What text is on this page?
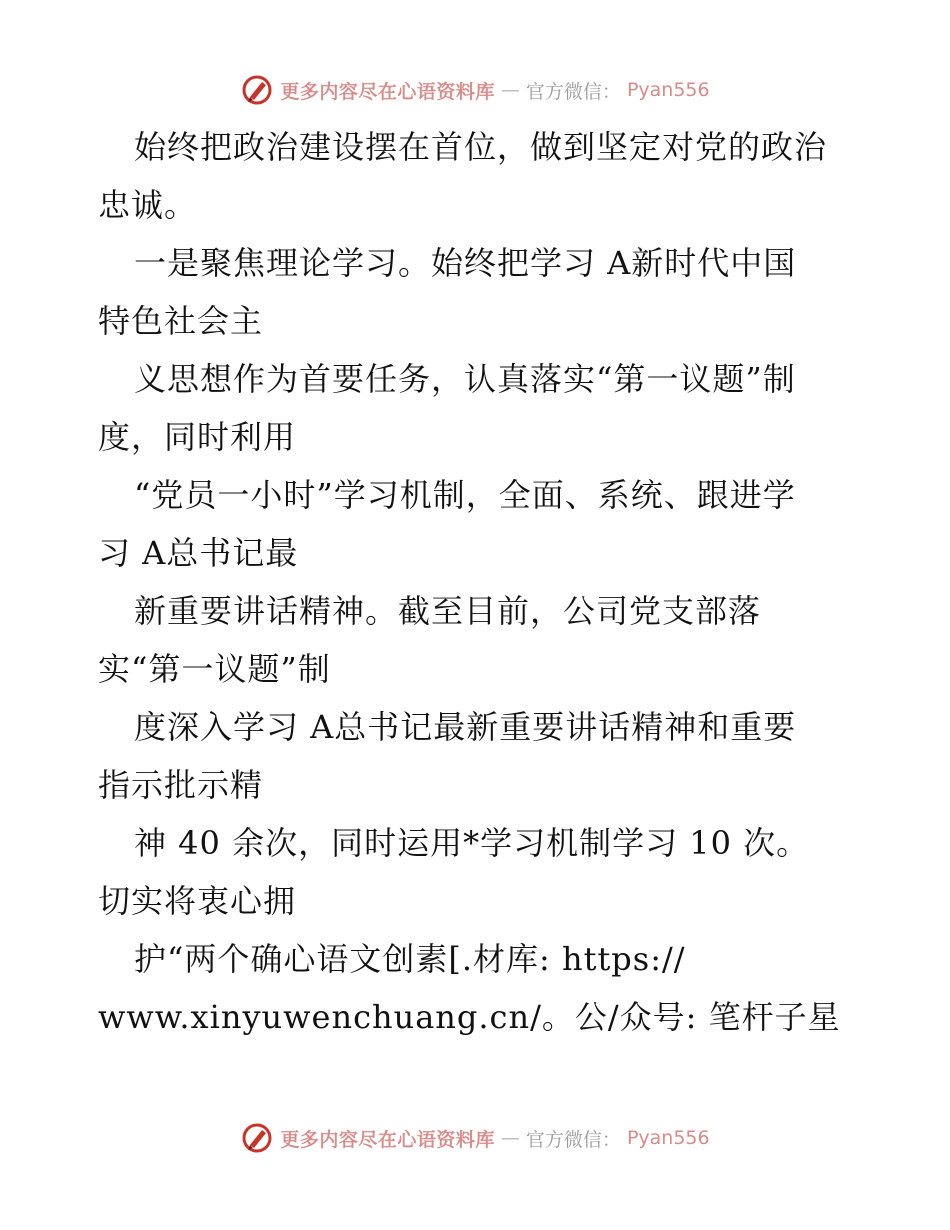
更多内容尽在心语资料库 — 官方微信： Pyan556
始终把政治建设摆在首位，做到坚定对党的政治
忠诚。
一是聚焦理论学习。始终把学习 A新时代中国
特色社会主
义思想作为首要任务，认真落实“第一议题”制
度，同时利用
“党员一小时”学习机制，全面、系统、跟进学
习 A总书记最
新重要讲话精神。截至目前，公司党支部落
实“第一议题”制
度深入学习 A总书记最新重要讲话精神和重要
指示批示精
神 40 余次，同时运用*学习机制学习 10 次。
切实将衷心拥
护“两个确心语文创素[.材库: https://
www.xinyuwenchuang.cn/。公/众号: 笔杆子星
更多内容尽在心语资料库 — 官方微信： Pyan556
